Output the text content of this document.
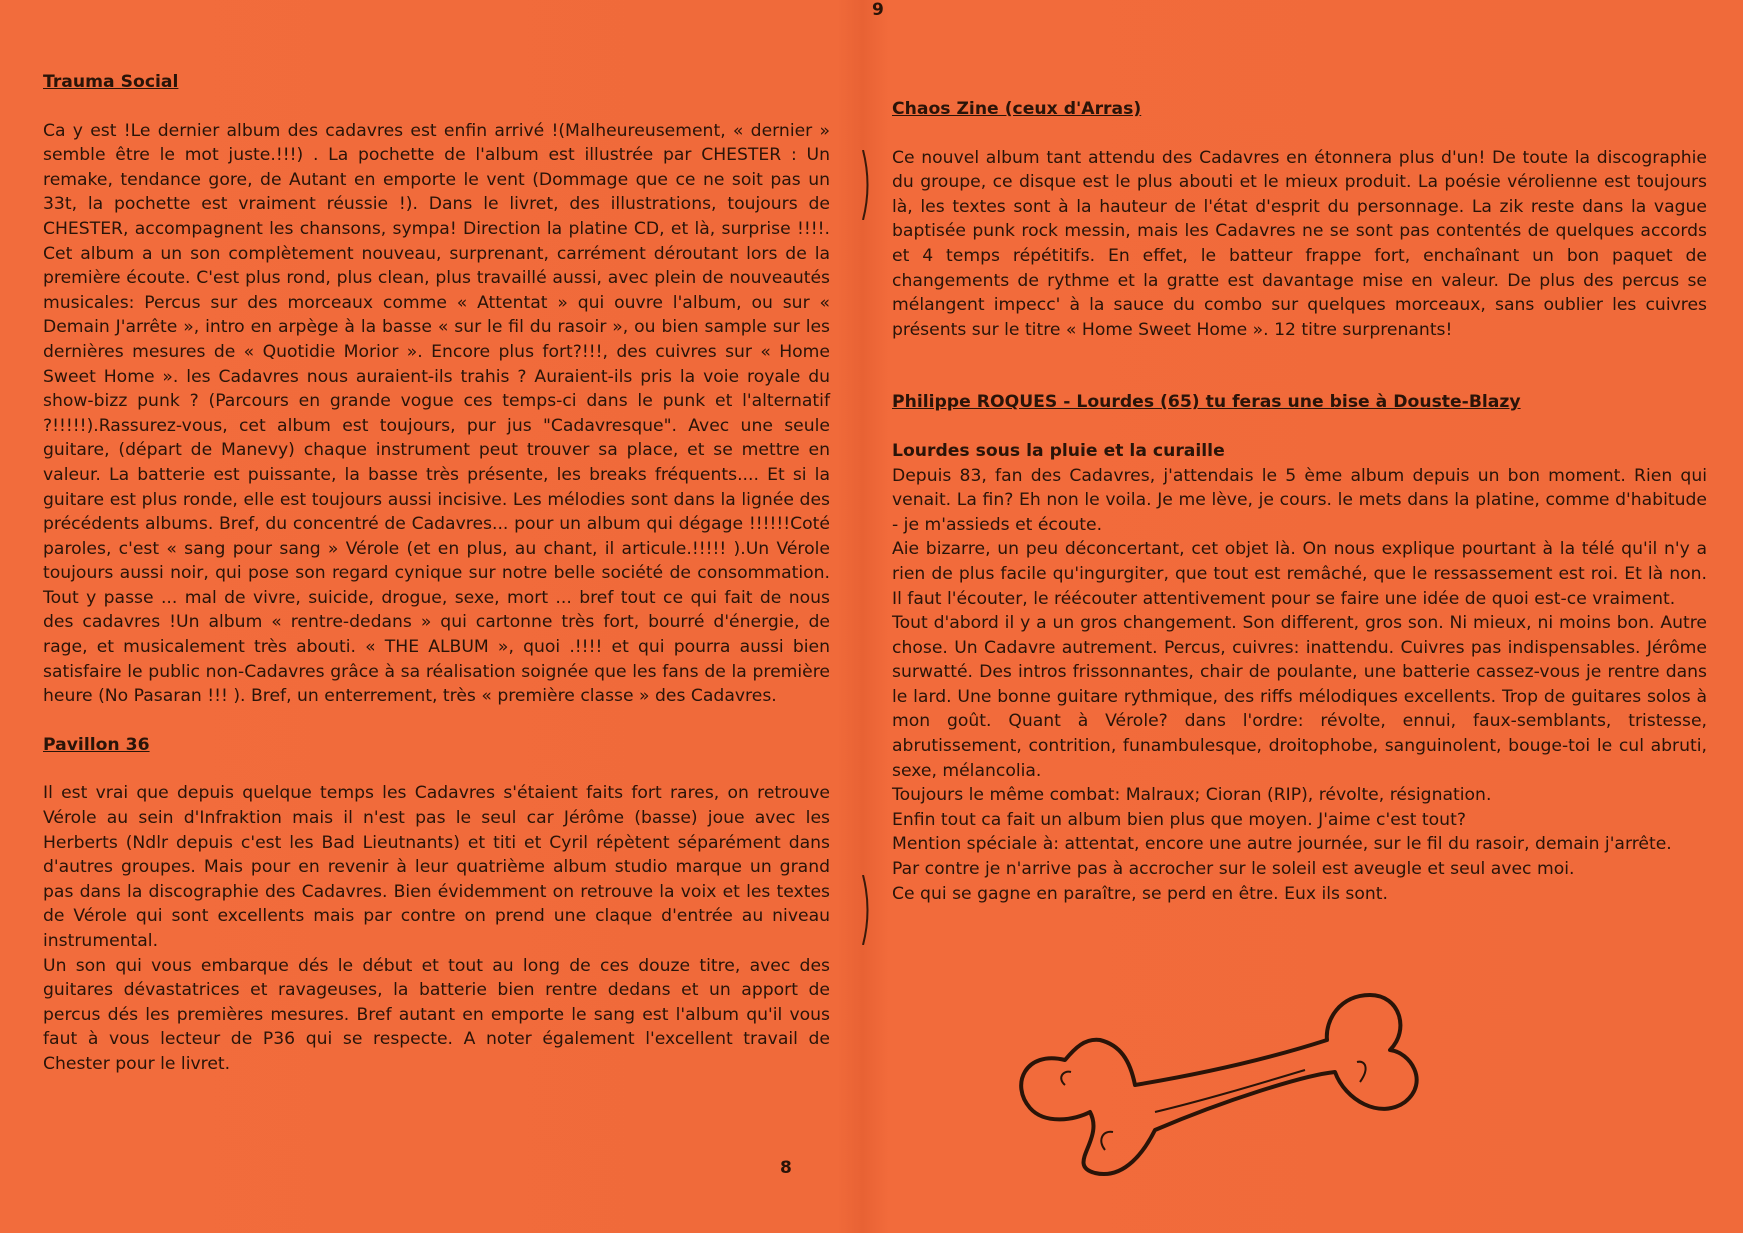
Trauma Social

Ca y est !Le dernier album des cadavres est enfin arrivé !(Malheureusement, « dernier » semble être le mot juste.!!!) . La pochette de l'album est illustrée par CHESTER : Un remake, tendance gore, de Autant en emporte le vent (Dommage que ce ne soit pas un 33t, la pochette est vraiment réussie !). Dans le livret, des illustrations, toujours de CHESTER, accompagnent les chansons, sympa! Direction la platine CD, et là, surprise !!!!. Cet album a un son complètement nouveau, surprenant, carrément déroutant lors de la première écoute. C'est plus rond, plus clean, plus travaillé aussi, avec plein de nouveautés musicales: Percus sur des morceaux comme « Attentat » qui ouvre l'album, ou sur « Demain J'arrête », intro en arpège à la basse « sur le fil du rasoir », ou bien sample sur les dernières mesures de « Quotidie Morior ». Encore plus fort?!!!, des cuivres sur « Home Sweet Home ». les Cadavres nous auraient-ils trahis ? Auraient-ils pris la voie royale du show-bizz punk ? (Parcours en grande vogue ces temps-ci dans le punk et l'alternatif ?!!!!!).Rassurez-vous, cet album est toujours, pur jus "Cadavresque". Avec une seule guitare, (départ de Manevy) chaque instrument peut trouver sa place, et se mettre en valeur. La batterie est puissante, la basse très présente, les breaks fréquents.... Et si la guitare est plus ronde, elle est toujours aussi incisive. Les mélodies sont dans la lignée des précédents albums. Bref, du concentré de Cadavres... pour un album qui dégage !!!!!!Coté paroles, c'est « sang pour sang » Vérole (et en plus, au chant, il articule.!!!!! ).Un Vérole toujours aussi noir, qui pose son regard cynique sur notre belle société de consommation. Tout y passe ... mal de vivre, suicide, drogue, sexe, mort ... bref tout ce qui fait de nous des cadavres !Un album « rentre-dedans » qui cartonne très fort, bourré d'énergie, de rage, et musicalement très abouti. « THE ALBUM », quoi .!!!! et qui pourra aussi bien satisfaire le public non-Cadavres grâce à sa réalisation soignée que les fans de la première heure (No Pasaran !!! ). Bref, un enterrement, très « première classe » des Cadavres.

Pavillon 36

Il est vrai que depuis quelque temps les Cadavres s'étaient faits fort rares, on retrouve Vérole au sein d'Infraktion mais il n'est pas le seul car Jérôme (basse) joue avec les Herberts (Ndlr depuis c'est les Bad Lieutnants) et titi et Cyril répètent séparément dans d'autres groupes. Mais pour en revenir à leur quatrième album studio marque un grand pas dans la discographie des Cadavres. Bien évidemment on retrouve la voix et les textes de Vérole qui sont excellents mais par contre on prend une claque d'entrée au niveau instrumental.

Un son qui vous embarque dés le début et tout au long de ces douze titre, avec des guitares dévastatrices et ravageuses, la batterie bien rentre dedans et un apport de percus dés les premières mesures. Bref autant en emporte le sang est l'album qu'il vous faut à vous lecteur de P36 qui se respecte. A noter également l'excellent travail de Chester pour le livret.

8

Chaos Zine (ceux d'Arras)

Ce nouvel album tant attendu des Cadavres en étonnera plus d'un! De toute la discographie du groupe, ce disque est le plus abouti et le mieux produit. La poésie vérolienne est toujours là, les textes sont à la hauteur de l'état d'esprit du personnage. La zik reste dans la vague baptisée punk rock messin, mais les Cadavres ne se sont pas contentés de quelques accords et 4 temps répétitifs. En effet, le batteur frappe fort, enchaînant un bon paquet de changements de rythme et la gratte est davantage mise en valeur. De plus des percus se mélangent impecc' à la sauce du combo sur quelques morceaux, sans oublier les cuivres présents sur le titre « Home Sweet Home ». 12 titre surprenants!

Philippe ROQUES - Lourdes (65) tu feras une bise à Douste-Blazy

Lourdes sous la pluie et la curaille

Depuis 83, fan des Cadavres, j'attendais le 5 ème album depuis un bon moment. Rien qui venait. La fin? Eh non le voila. Je me lève, je cours. le mets dans la platine, comme d'habitude - je m'assieds et écoute.

Aie bizarre, un peu déconcertant, cet objet là. On nous explique pourtant à la télé qu'il n'y a rien de plus facile qu'ingurgiter, que tout est remâché, que le ressassement est roi. Et là non. Il faut l'écouter, le réécouter attentivement pour se faire une idée de quoi est-ce vraiment.

Tout d'abord il y a un gros changement. Son different, gros son. Ni mieux, ni moins bon. Autre chose. Un Cadavre autrement. Percus, cuivres: inattendu. Cuivres pas indispensables. Jérôme surwatté. Des intros frissonnantes, chair de poulante, une batterie cassez-vous je rentre dans le lard. Une bonne guitare rythmique, des riffs mélodiques excellents. Trop de guitares solos à mon goût. Quant à Vérole? dans l'ordre: révolte, ennui, faux-semblants, tristesse, abrutissement, contrition, funambulesque, droitophobe, sanguinolent, bouge-toi le cul abruti, sexe, mélancolia.

Toujours le même combat: Malraux; Cioran (RIP), révolte, résignation.

Enfin tout ca fait un album bien plus que moyen. J'aime c'est tout?

Mention spéciale à: attentat, encore une autre journée, sur le fil du rasoir, demain j'arrête.

Par contre je n'arrive pas à accrocher sur le soleil est aveugle et seul avec moi.

Ce qui se gagne en paraître, se perd en être. Eux ils sont.

9
